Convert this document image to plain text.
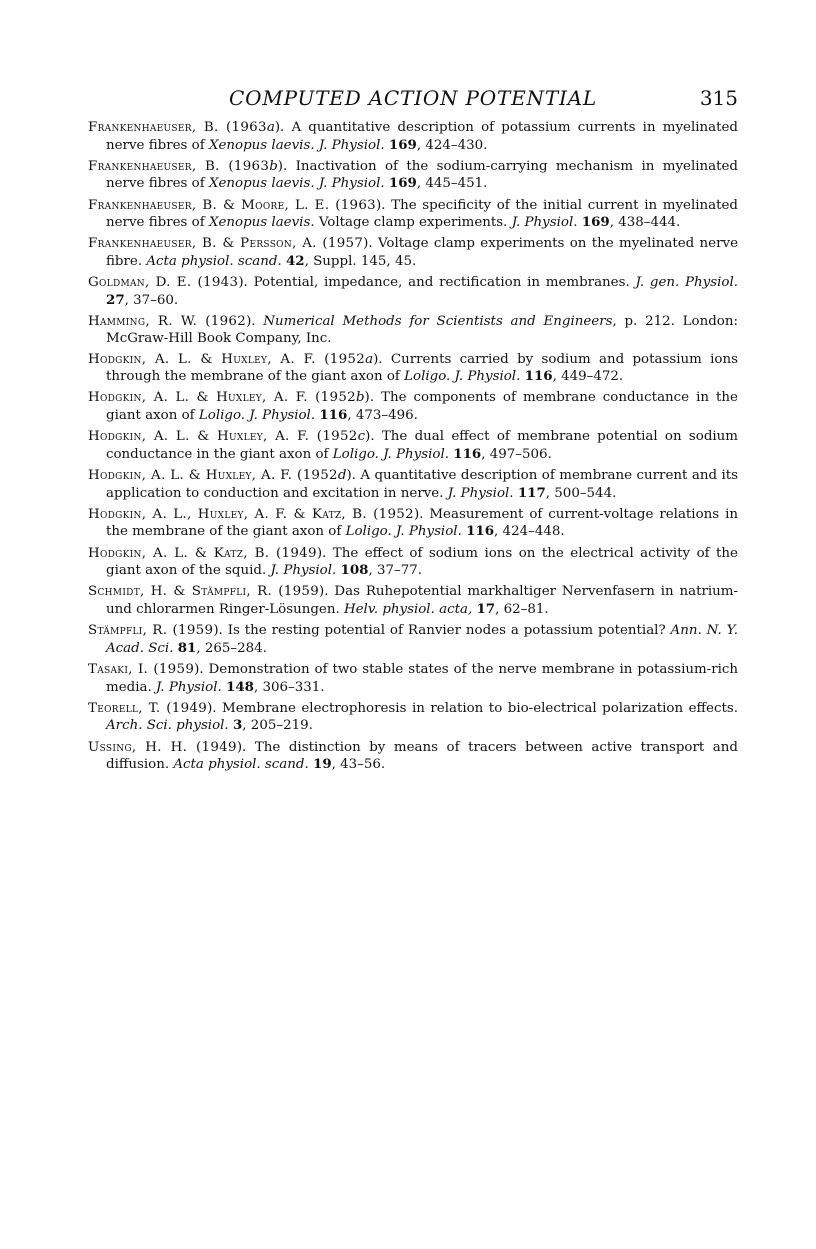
COMPUTED ACTION POTENTIAL	315

Frankenhaeuser, B. (1963a). A quantitative description of potassium currents in myelinated nerve fibres of Xenopus laevis. J. Physiol. 169, 424–430.

Frankenhaeuser, B. (1963b). Inactivation of the sodium-carrying mechanism in myelinated nerve fibres of Xenopus laevis. J. Physiol. 169, 445–451.

Frankenhaeuser, B. & Moore, L. E. (1963). The specificity of the initial current in myelinated nerve fibres of Xenopus laevis. Voltage clamp experiments. J. Physiol. 169, 438–444.

Frankenhaeuser, B. & Persson, A. (1957). Voltage clamp experiments on the myelinated nerve fibre. Acta physiol. scand. 42, Suppl. 145, 45.

Goldman, D. E. (1943). Potential, impedance, and rectification in membranes. J. gen. Physiol. 27, 37–60.

Hamming, R. W. (1962). Numerical Methods for Scientists and Engineers, p. 212. London: McGraw-Hill Book Company, Inc.

Hodgkin, A. L. & Huxley, A. F. (1952a). Currents carried by sodium and potassium ions through the membrane of the giant axon of Loligo. J. Physiol. 116, 449–472.

Hodgkin, A. L. & Huxley, A. F. (1952b). The components of membrane conductance in the giant axon of Loligo. J. Physiol. 116, 473–496.

Hodgkin, A. L. & Huxley, A. F. (1952c). The dual effect of membrane potential on sodium conductance in the giant axon of Loligo. J. Physiol. 116, 497–506.

Hodgkin, A. L. & Huxley, A. F. (1952d). A quantitative description of membrane current and its application to conduction and excitation in nerve. J. Physiol. 117, 500–544.

Hodgkin, A. L., Huxley, A. F. & Katz, B. (1952). Measurement of current-voltage relations in the membrane of the giant axon of Loligo. J. Physiol. 116, 424–448.

Hodgkin, A. L. & Katz, B. (1949). The effect of sodium ions on the electrical activity of the giant axon of the squid. J. Physiol. 108, 37–77.

Schmidt, H. & Stämpfli, R. (1959). Das Ruhepotential markhaltiger Nervenfasern in natrium- und chlorarmen Ringer-Lösungen. Helv. physiol. acta, 17, 62–81.

Stämpfli, R. (1959). Is the resting potential of Ranvier nodes a potassium potential? Ann. N. Y. Acad. Sci. 81, 265–284.

Tasaki, I. (1959). Demonstration of two stable states of the nerve membrane in potassium-rich media. J. Physiol. 148, 306–331.

Teorell, T. (1949). Membrane electrophoresis in relation to bio-electrical polarization effects. Arch. Sci. physiol. 3, 205–219.

Ussing, H. H. (1949). The distinction by means of tracers between active transport and diffusion. Acta physiol. scand. 19, 43–56.
